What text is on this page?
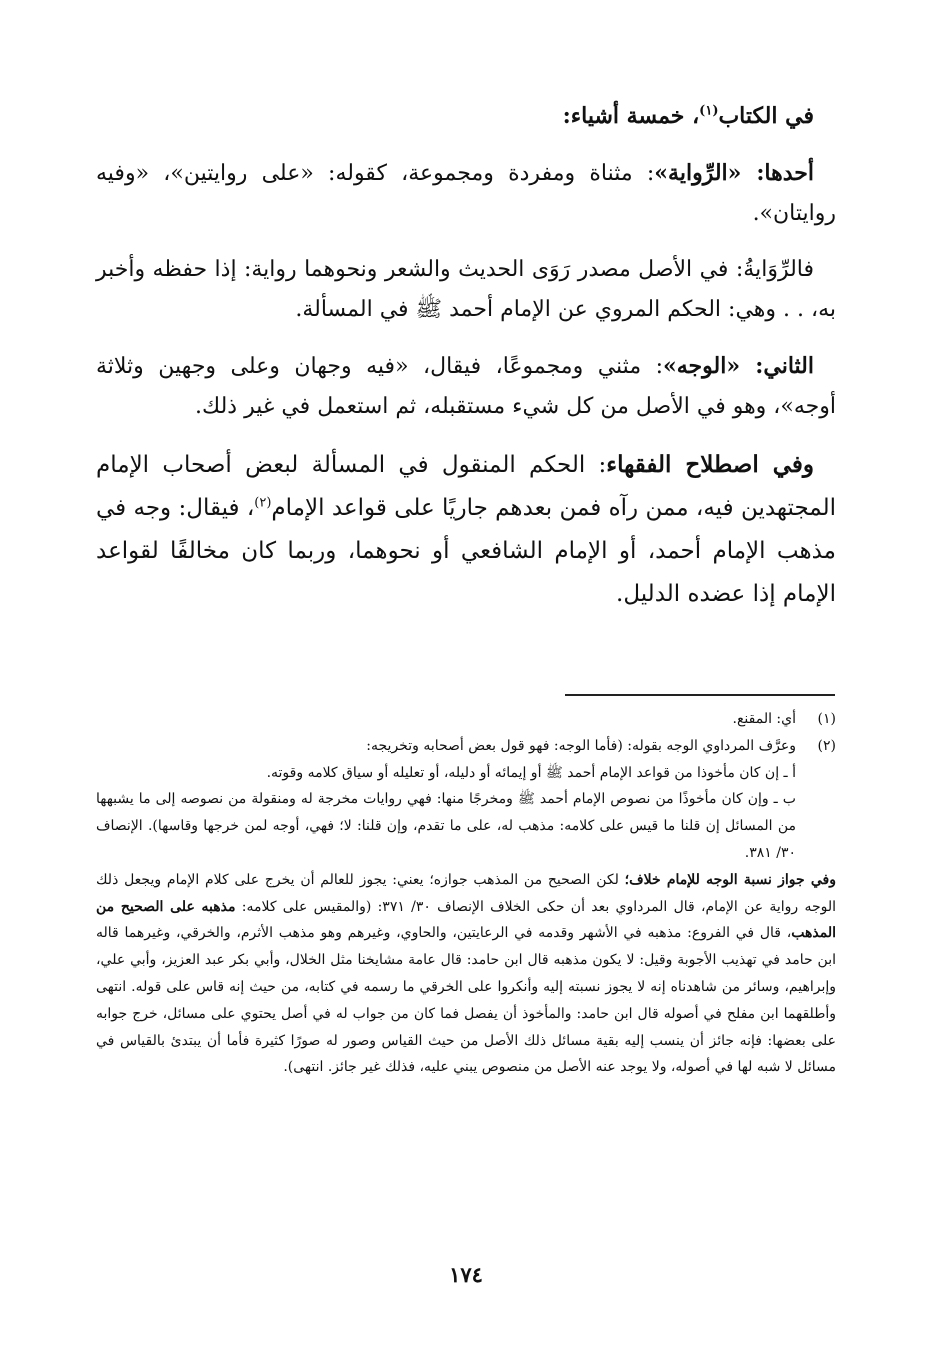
في الكتاب$^{(١)}$، خمسة أشياء:

أحدها: «الرِّواية»: مثناة ومفردة ومجموعة، كقوله: «على روايتين»، «وفيه روايتان».

فالرِّوَايةُ: في الأصل مصدر رَوَى الحديث والشعر ونحوهما رواية: إذا حفظه وأخبر به، . . وهي: الحكم المروي عن الإمام أحمد ﷺ في المسألة.

الثاني: «الوجه»: مثني ومجموعًا، فيقال، «فيه وجهان وعلى وجهين وثلاثة أوجه»، وهو في الأصل من كل شيء مستقبله، ثم استعمل في غير ذلك.

وفي اصطلاح الفقهاء: الحكم المنقول في المسألة لبعض أصحاب الإمام المجتهدين فيه، ممن رآه فمن بعدهم جاريًا على قواعد الإمام$^{(٢)}$، فيقال: وجه في مذهب الإمام أحمد، أو الإمام الشافعي أو نحوهما، وربما كان مخالفًا لقواعد الإمام إذا عضده الدليل.

(١)
أي: المقنع.
(٢)
وعرَّف المرداوي الوجه بقوله: (فأما الوجه: فهو قول بعض أصحابه وتخريجه:
أ ـ إن كان مأخوذا من قواعد الإمام أحمد ﷺ أو إيمائه أو دليله، أو تعليله أو سياق كلامه وقوته.
ب ـ وإن كان مأخوذًا من نصوص الإمام أحمد ﷺ ومخرجًا منها: فهي روايات مخرجة له ومنقولة من نصوصه إلى ما يشبهها من المسائل إن قلنا ما قيس على كلامه: مذهب له، على ما تقدم، وإن قلنا: لا؛ فهي، أوجه لمن خرجها وقاسها). الإنصاف ٣٠/ ٣٨١.
وفي جواز نسبة الوجه للإمام خلاف؛ لكن الصحيح من المذهب جوازه؛ يعني: يجوز للعالم أن يخرج على كلام الإمام ويجعل ذلك الوجه رواية عن الإمام، قال المرداوي بعد أن حكى الخلاف الإنصاف ٣٠/ ٣٧١: (والمقيس على كلامه: مذهبه على الصحيح من المذهب، قال في الفروع: مذهبه في الأشهر وقدمه في الرعايتين، والحاوي، وغيرهم وهو مذهب الأثرم، والخرقي، وغيرهما قاله ابن حامد في تهذيب الأجوبة وقيل: لا يكون مذهبه قال ابن حامد: قال عامة مشايخنا مثل الخلال، وأبي بكر عبد العزيز، وأبي علي، وإبراهيم، وسائر من شاهدناه إنه لا يجوز نسبته إليه وأنكروا على الخرقي ما رسمه في كتابه، من حيث إنه قاس على قوله. انتهى وأطلقهما ابن مفلح في أصوله قال ابن حامد: والمأخوذ أن يفصل فما كان من جواب له في أصل يحتوي على مسائل، خرج جوابه على بعضها: فإنه جائز أن ينسب إليه بقية مسائل ذلك الأصل من حيث القياس وصور له صورًا كثيرة فأما أن يبتدئ بالقياس في مسائل لا شبه لها في أصوله، ولا يوجد عنه الأصل من منصوص يبني عليه، فذلك غير جائز. انتهى).
١٧٤
